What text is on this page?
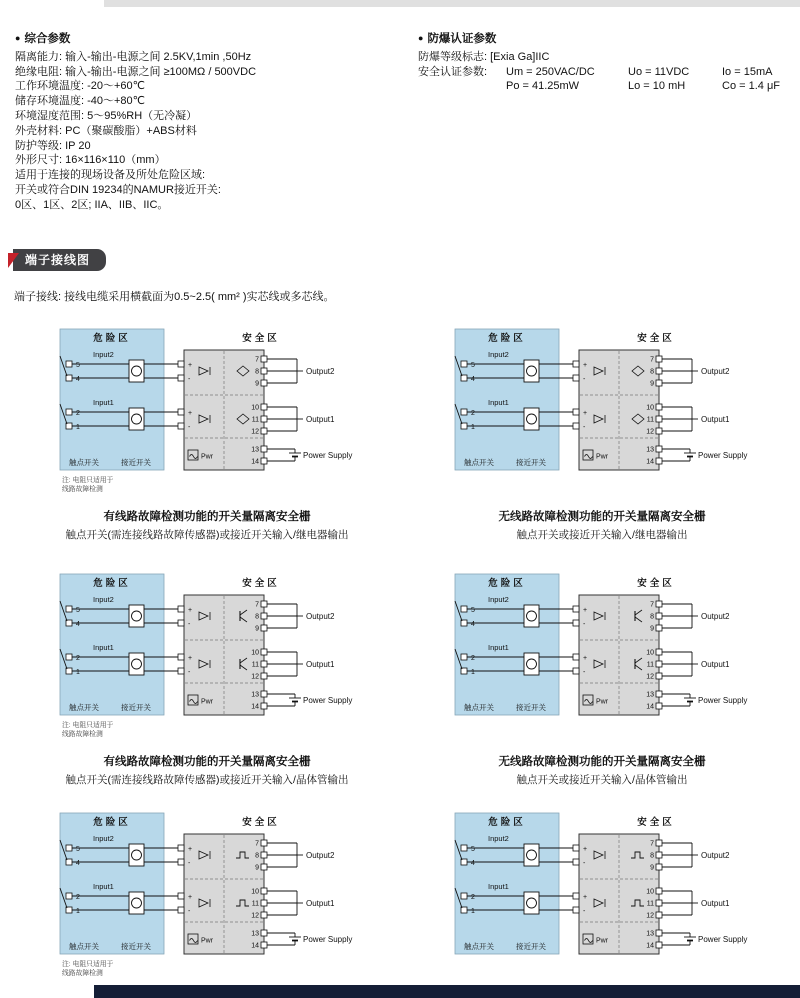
● 综合参数
隔离能力: 输入-输出-电源之间 2.5KV,1min ,50Hz
绝缘电阻: 输入-输出-电源之间 ≥100MΩ / 500VDC
工作环境温度: -20～+60℃
储存环境温度: -40～+80℃
环境湿度范围: 5～95%RH（无冷凝）
外壳材料: PC（聚碳酸脂）+ABS材料
防护等级: IP 20
外形尺寸: 16×116×110（mm）
适用于连接的现场设备及所处危险区域:
开关或符合DIN 19234的NAMUR接近开关:
0区、1区、2区; IIA、IIB、IIC。
● 防爆认证参数
防爆等级标志: [Exia Ga]IIC
安全认证参数:	Um = 250VAC/DC	Uo = 11VDC	Io = 15mA
Po = 41.25mW	Lo = 10 mH	Co = 1.4 μF
端子接线图
端子接线: 接线电缆采用横截面为0.5~2.5( mm² )实芯线或多芯线。
危险区	安全区
5
4
+
-
Input2
7
8
9
Output2
2
1
+
-
Input1
10
11
12
Output1
13
14
Power Supply
Pwr
触点开关	接近开关
注: 电阻只适用于
线路故障检测
有线路故障检测功能的开关量隔离安全栅
触点开关(需连接线路故障传感器)或接近开关输入/继电器输出
危险区	安全区
5
4
+
-
Input2
7
8
9
Output2
2
1
+
-
Input1
10
11
12
Output1
13
14
Power Supply
Pwr
触点开关	接近开关
无线路故障检测功能的开关量隔离安全栅
触点开关或接近开关输入/继电器输出
危险区	安全区
5
4
+
-
Input2
7
8
9
Output2
2
1
+
-
Input1
10
11
12
Output1
13
14
Power Supply
Pwr
触点开关	接近开关
注: 电阻只适用于
线路故障检测
有线路故障检测功能的开关量隔离安全栅
触点开关(需连接线路故障传感器)或接近开关输入/晶体管输出
危险区	安全区
5
4
+
-
Input2
7
8
9
Output2
2
1
+
-
Input1
10
11
12
Output1
13
14
Power Supply
Pwr
触点开关	接近开关
无线路故障检测功能的开关量隔离安全栅
触点开关或接近开关输入/晶体管输出
危险区	安全区
5
4
+
-
Input2
7
8
9
Output2
2
1
+
-
Input1
10
11
12
Output1
13
14
Power Supply
Pwr
触点开关	接近开关
注: 电阻只适用于
线路故障检测
危险区	安全区
5
4
+
-
Input2
7
8
9
Output2
2
1
+
-
Input1
10
11
12
Output1
13
14
Power Supply
Pwr
触点开关	接近开关
